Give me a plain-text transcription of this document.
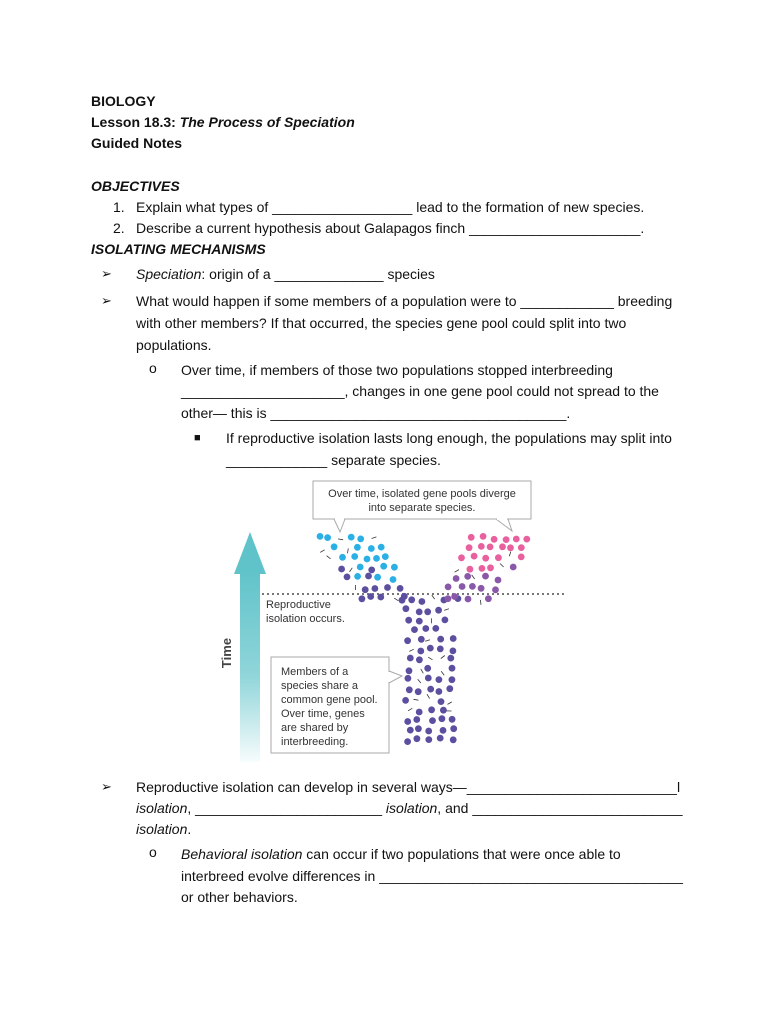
BIOLOGY
Lesson 18.3: The Process of Speciation
Guided Notes
OBJECTIVES
1. Explain what types of __________________ lead to the formation of new species.
2. Describe a current hypothesis about Galapagos finch ______________________.
ISOLATING MECHANISMS
➢ Speciation: origin of a ______________ species
➢ What would happen if some members of a population were to ____________ breeding
with other members? If that occurred, the species gene pool could split into two
populations.
o Over time, if members of those two populations stopped interbreeding
_____________________, changes in one gene pool could not spread to the
other— this is ______________________________________.
■ If reproductive isolation lasts long enough, the populations may split into
_____________ separate species.
Time
Over time, isolated gene pools diverge
into separate species.
Reproductive
isolation occurs.
Members of a
species share a
common gene pool.
Over time, genes
are shared by
interbreeding.
➢ Reproductive isolation can develop in several ways—___________________________l
isolation, ________________________ isolation, and ___________________________
isolation.
o Behavioral isolation can occur if two populations that were once able to
interbreed evolve differences in _______________________________________
or other behaviors.
